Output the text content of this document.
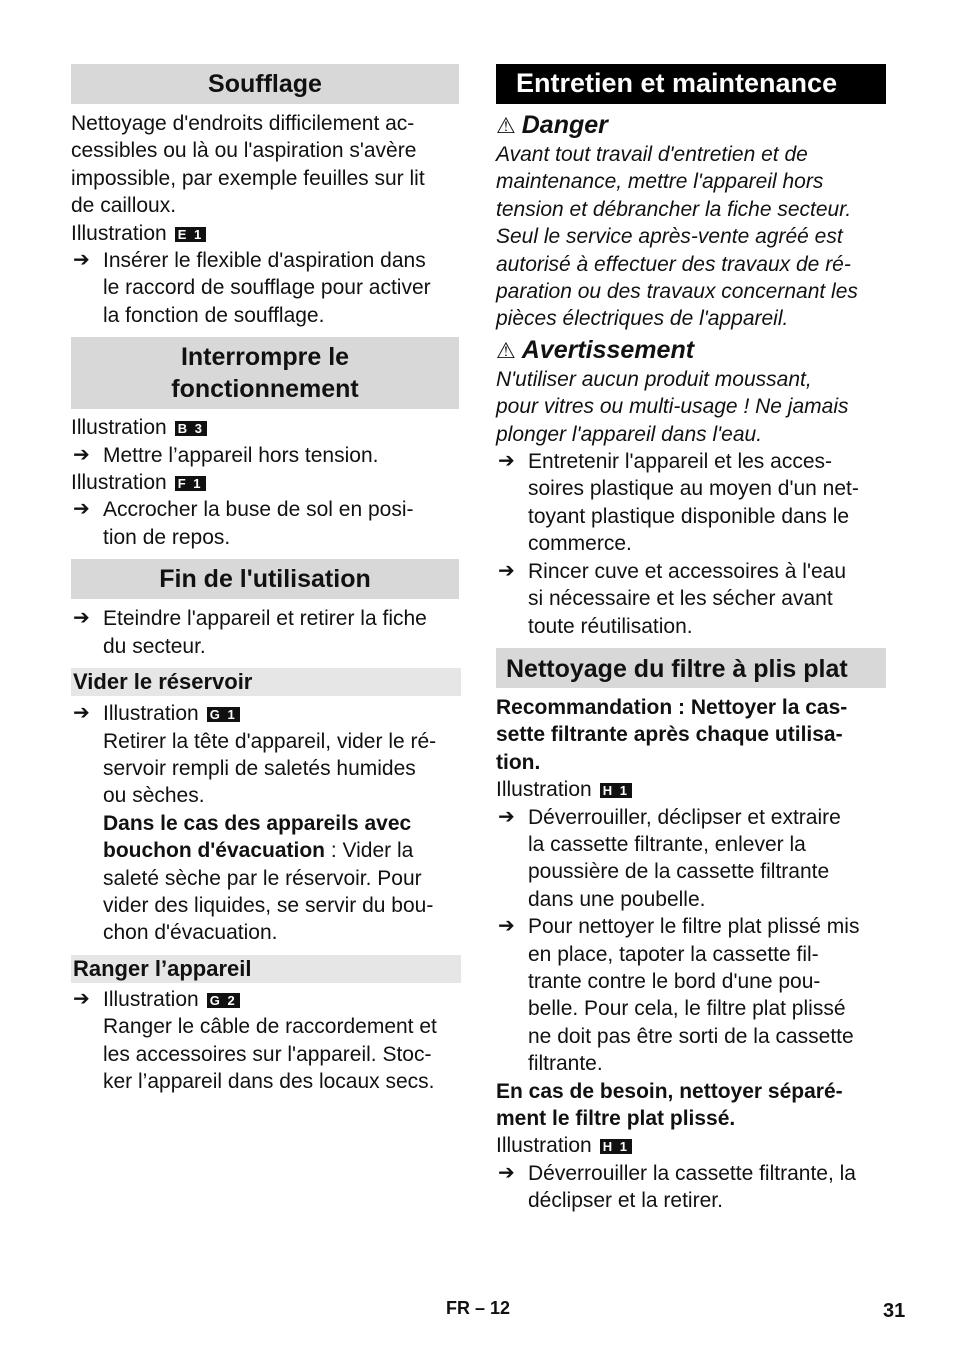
Soufflage
Nettoyage d'endroits difficilement ac-
cessibles ou là ou l'aspiration s'avère
impossible, par exemple feuilles sur lit
de cailloux.
Illustration E 1
➔ Insérer le flexible d'aspiration dans
le raccord de soufflage pour activer
la fonction de soufflage.
Interrompre le
fonctionnement
Illustration B 3
➔ Mettre l’appareil hors tension.
Illustration F 1
➔ Accrocher la buse de sol en posi-
tion de repos.
Fin de l'utilisation
➔ Eteindre l'appareil et retirer la fiche
du secteur.
Vider le réservoir
➔ Illustration G 1
Retirer la tête d'appareil, vider le ré-
servoir rempli de saletés humides
ou sèches.
Dans le cas des appareils avec
bouchon d'évacuation : Vider la
saleté sèche par le réservoir. Pour
vider des liquides, se servir du bou-
chon d'évacuation.
Ranger l’appareil
➔ Illustration G 2
Ranger le câble de raccordement et
les accessoires sur l'appareil. Stoc-
ker l’appareil dans des locaux secs.
Entretien et maintenance
⚠ Danger
Avant tout travail d'entretien et de
maintenance, mettre l'appareil hors
tension et débrancher la fiche secteur.
Seul le service après-vente agréé est
autorisé à effectuer des travaux de ré-
paration ou des travaux concernant les
pièces électriques de l'appareil.
⚠ Avertissement
N'utiliser aucun produit moussant,
pour vitres ou multi-usage ! Ne jamais
plonger l'appareil dans l'eau.
➔ Entretenir l'appareil et les acces-
soires plastique au moyen d'un net-
toyant plastique disponible dans le
commerce.
➔ Rincer cuve et accessoires à l'eau
si nécessaire et les sécher avant
toute réutilisation.
Nettoyage du filtre à plis plat
Recommandation : Nettoyer la cas-
sette filtrante après chaque utilisa-
tion.
Illustration H 1
➔ Déverrouiller, déclipser et extraire
la cassette filtrante, enlever la
poussière de la cassette filtrante
dans une poubelle.
➔ Pour nettoyer le filtre plat plissé mis
en place, tapoter la cassette fil-
trante contre le bord d'une pou-
belle. Pour cela, le filtre plat plissé
ne doit pas être sorti de la cassette
filtrante.
En cas de besoin, nettoyer séparé-
ment le filtre plat plissé.
Illustration H 1
➔ Déverrouiller la cassette filtrante, la
déclipser et la retirer.
FR – 12	31
